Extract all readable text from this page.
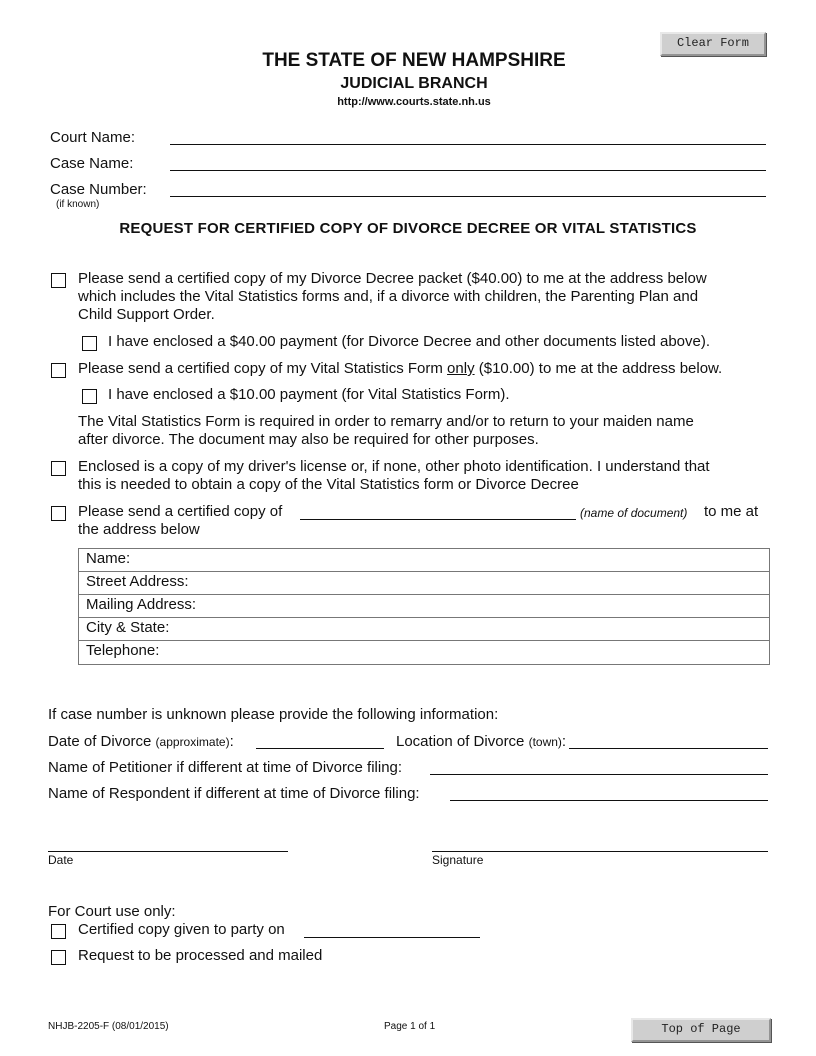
Clear Form
Top of Page
THE STATE OF NEW HAMPSHIRE
JUDICIAL BRANCH
http://www.courts.state.nh.us
Court Name:
Case Name:
Case Number:
(if known)
REQUEST FOR CERTIFIED COPY OF DIVORCE DECREE OR VITAL STATISTICS
Please send a certified copy of my Divorce Decree packet ($40.00) to me at the address below
which includes the Vital Statistics forms and, if a divorce with children, the Parenting Plan and
Child Support Order.
I have enclosed a $40.00 payment (for Divorce Decree and other documents listed above).
Please send a certified copy of my Vital Statistics Form only ($10.00) to me at the address below.
I have enclosed a $10.00 payment (for Vital Statistics Form).
The Vital Statistics Form is required in order to remarry and/or to return to your maiden name
after divorce. The document may also be required for other purposes.
Enclosed is a copy of my driver's license or, if none, other photo identification. I understand that
this is needed to obtain a copy of the Vital Statistics form or Divorce Decree
Please send a certified copy of	(name of document) to me at
the address below
Name:
Street Address:
Mailing Address:
City & State:
Telephone:
If case number is unknown please provide the following information:
Date of Divorce (approximate):	Location of Divorce (town):
Name of Petitioner if different at time of Divorce filing:
Name of Respondent if different at time of Divorce filing:
Date	Signature
For Court use only:
Certified copy given to party on
Request to be processed and mailed
NHJB-2205-F (08/01/2015)	Page 1 of 1
